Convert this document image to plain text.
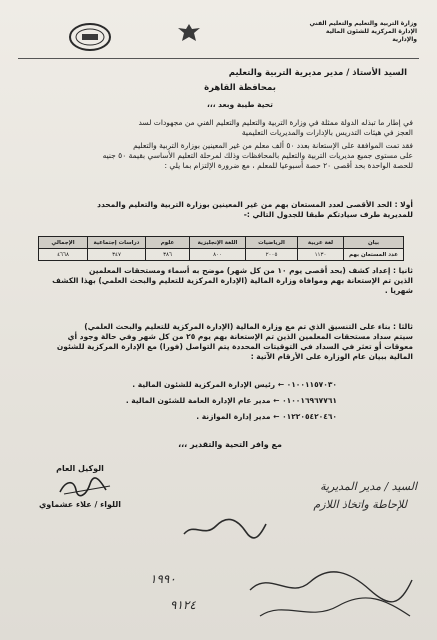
وزارة التربية والتعليم والتعليم الفني
الإدارة المركزية للشئون المالية والإدارية
السيد الأستاذ / مدير مديرية التربية والتعليم
بمحافظة القاهرة
تحية طيبة وبعد ،،،
في إطار ما تبذله الدولة ممثلة في وزارة التربية والتعليم والتعليم الفني من مجهودات لسد
العجز في هيئات التدريس بالإدارات والمديريات التعليمية
فقد تمت الموافقة على الإستعانة بعدد ٥٠ ألف معلم من غير المعينين بوزارة التربية والتعليم
على مستوى جميع مديريات التربية والتعليم بالمحافظات وذلك لمرحلة التعليم الأساسي بقيمة ٥٠ جنيه
للحصة الواحدة بحد أقصى ٢٠ حصة أسبوعيا للمعلم ، مع ضرورة الإلتزام بما يلي :
أولا : الحد الأقصى لعدد المستعان بهم من غير المعينين بوزارة التربية والتعليم والمحدد
للمديرية طرف سيادتكم طبقا للجدول التالي :-
بيان	لغة عربية	الرياضيات	اللغة الإنجليزية	علوم	دراسات إجتماعية	الإجمالي
عدد المستعان بهم	١١٣٠	٢٠٠٥	٨٠٠	٣٨٦	٣٤٧	٤٦٦٨
ثانيا : إعداد كشف (بحد أقصى يوم ١٠ من كل شهر) موضح به أسماء ومستحقات المعلمين
الذين تم الإستعانة بهم وموافاة وزارة المالية (الإدارة المركزية للتعليم والبحث العلمي) بهذا الكشف
شهريا .
ثالثا : بناء على التنسيق الذي تم مع وزارة المالية (الإدارة المركزية للتعليم والبحث العلمي)
سيتم سداد مستحقات المعلمين الذين تم الإستعانة بهم يوم ٢٥ من كل شهر وفي حالة وجود أي
معوقات أو تعثر في السداد في التوقيتات المحددة يتم التواصل (فورا) مع الإدارة المركزية للشئون
المالية ببيان عام الوزارة على الأرقام الآتية :
٠١٠٠١١٥٧٠٣٠ ← رئيس الإدارة المركزية للشئون المالية .
٠١٠٠١٦٩٦٧٧٦١ ← مدير عام الإدارة العامة للشئون المالية .
٠١٢٢٠٥٤٢٠٤٦٠ ← مدير إدارة الموازنة .
مع وافر التحية والتقدير ،،،
الوكيل العام
اللواء / علاء عشماوي
السيد / مدير المديرية
للإحاطة واتخاذ اللازم
١٩٩٠
٩١٢٤
